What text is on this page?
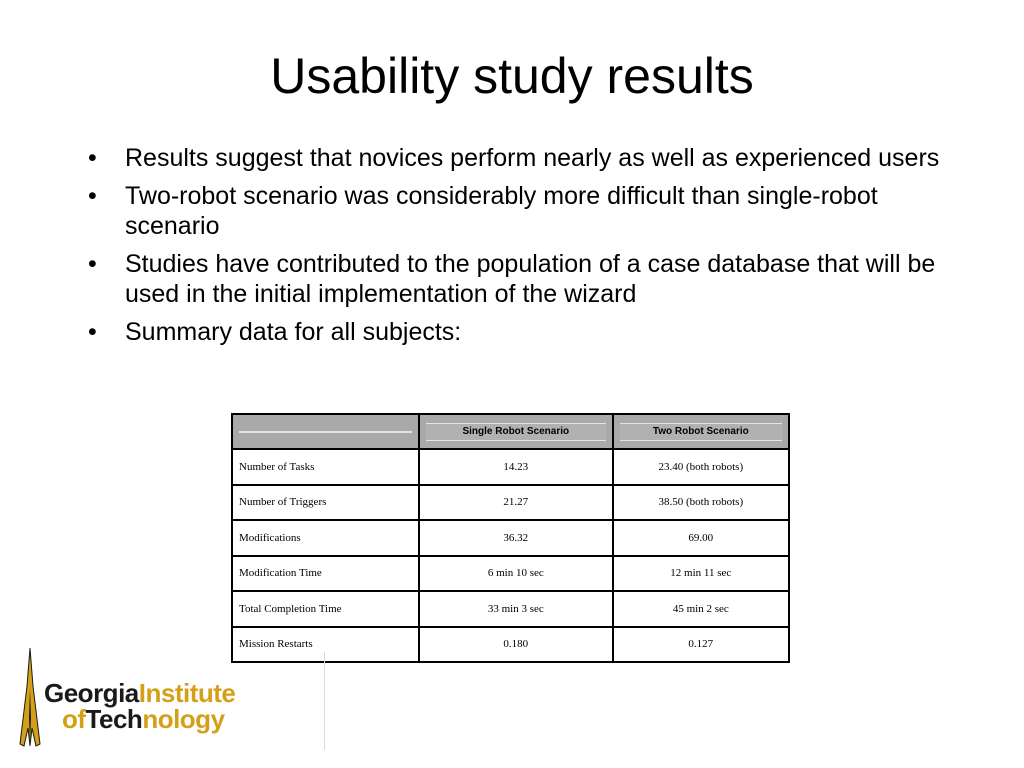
Usability study results
• Results suggest that novices perform nearly as well as experienced users
• Two-robot scenario was considerably more difficult than single-robot scenario
• Studies have contributed to the population of a case database that will be used in the initial implementation of the wizard
• Summary data for all subjects:

	Single Robot Scenario	Two Robot Scenario

Number of Tasks	14.23	23.40 (both robots)
Number of Triggers	21.27	38.50 (both robots)
Modifications	36.32	69.00
Modification Time	6 min 10 sec	12 min 11 sec
Total Completion Time	33 min 3 sec	45 min 2 sec
Mission Restarts	0.180	0.127
GeorgiaInstitute
ofTechnology
